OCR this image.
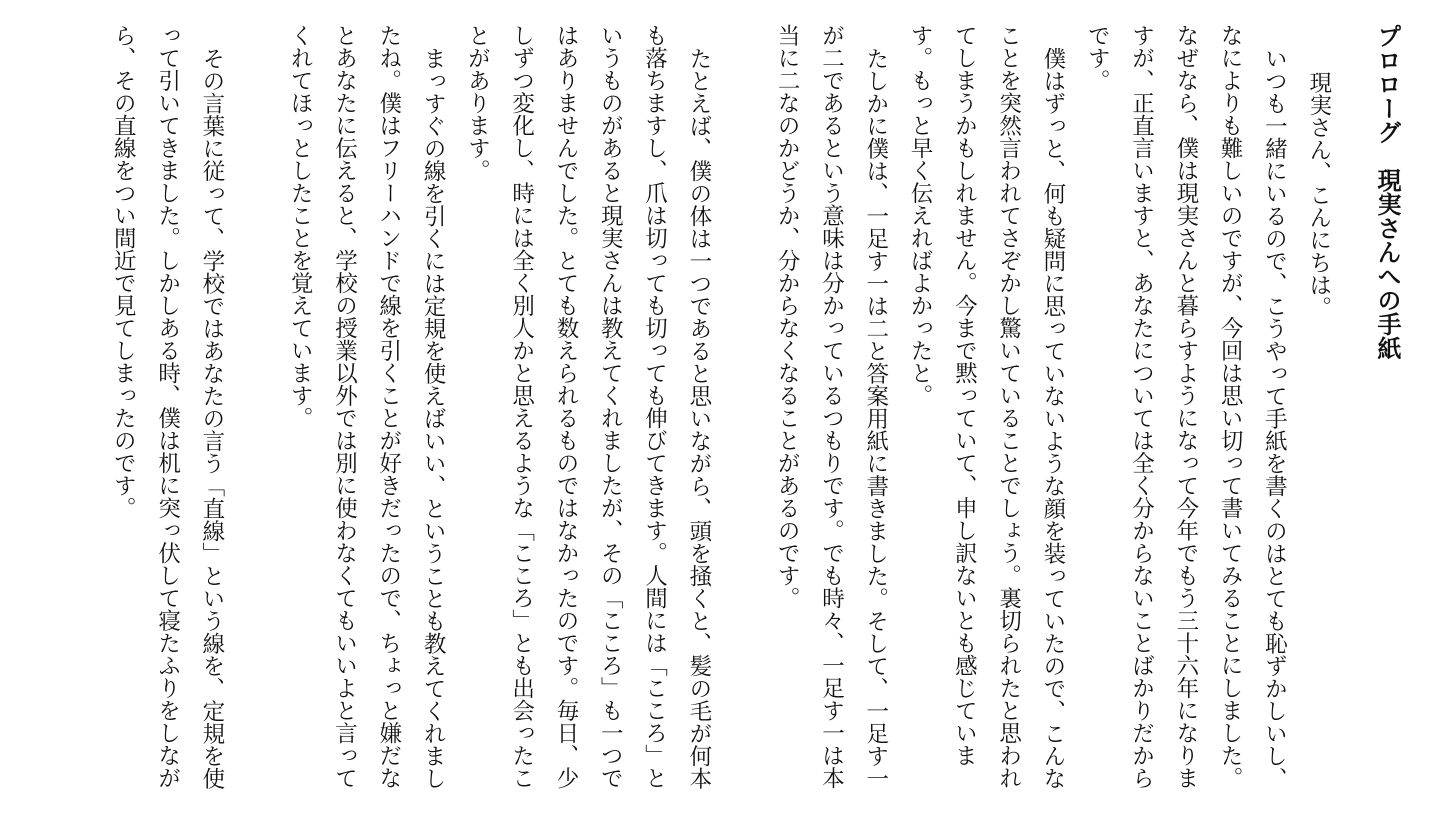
プロローグ　現実さんへの手紙

現実さん、こんにちは。

いつも一緒にいるので、こうやって手紙を書くのはとても恥ずかしいし、なによりも難しいのですが、今回は思い切って書いてみることにしました。なぜなら、僕は現実さんと暮らすようになって今年でもう三十六年になりますが、正直言いますと、あなたについては全く分からないことばかりだからです。

僕はずっと、何も疑問に思っていないような顔を装っていたので、こんなことを突然言われてさぞかし驚いていることでしょう。裏切られたと思われてしまうかもしれません。今まで黙っていて、申し訳ないとも感じています。もっと早く伝えればよかったと。

たしかに僕は、一足す一は二と答案用紙に書きました。そして、一足す一が二であるという意味は分かっているつもりです。でも時々、一足す一は本当に二なのかどうか、分からなくなることがあるのです。

たとえば、僕の体は一つであると思いながら、頭を掻くと、髪の毛が何本も落ちますし、爪は切っても切っても伸びてきます。人間には「こころ」というものがあると現実さんは教えてくれましたが、その「こころ」も一つではありませんでした。とても数えられるものではなかったのです。毎日、少しずつ変化し、時には全く別人かと思えるような「こころ」とも出会ったことがあります。

まっすぐの線を引くには定規を使えばいい、ということも教えてくれましたね。僕はフリーハンドで線を引くことが好きだったので、ちょっと嫌だなとあなたに伝えると、学校の授業以外では別に使わなくてもいいよと言ってくれてほっとしたことを覚えています。

その言葉に従って、学校ではあなたの言う「直線」という線を、定規を使って引いてきました。しかしある時、僕は机に突っ伏して寝たふりをしながら、その直線をつい間近で見てしまったのです。
